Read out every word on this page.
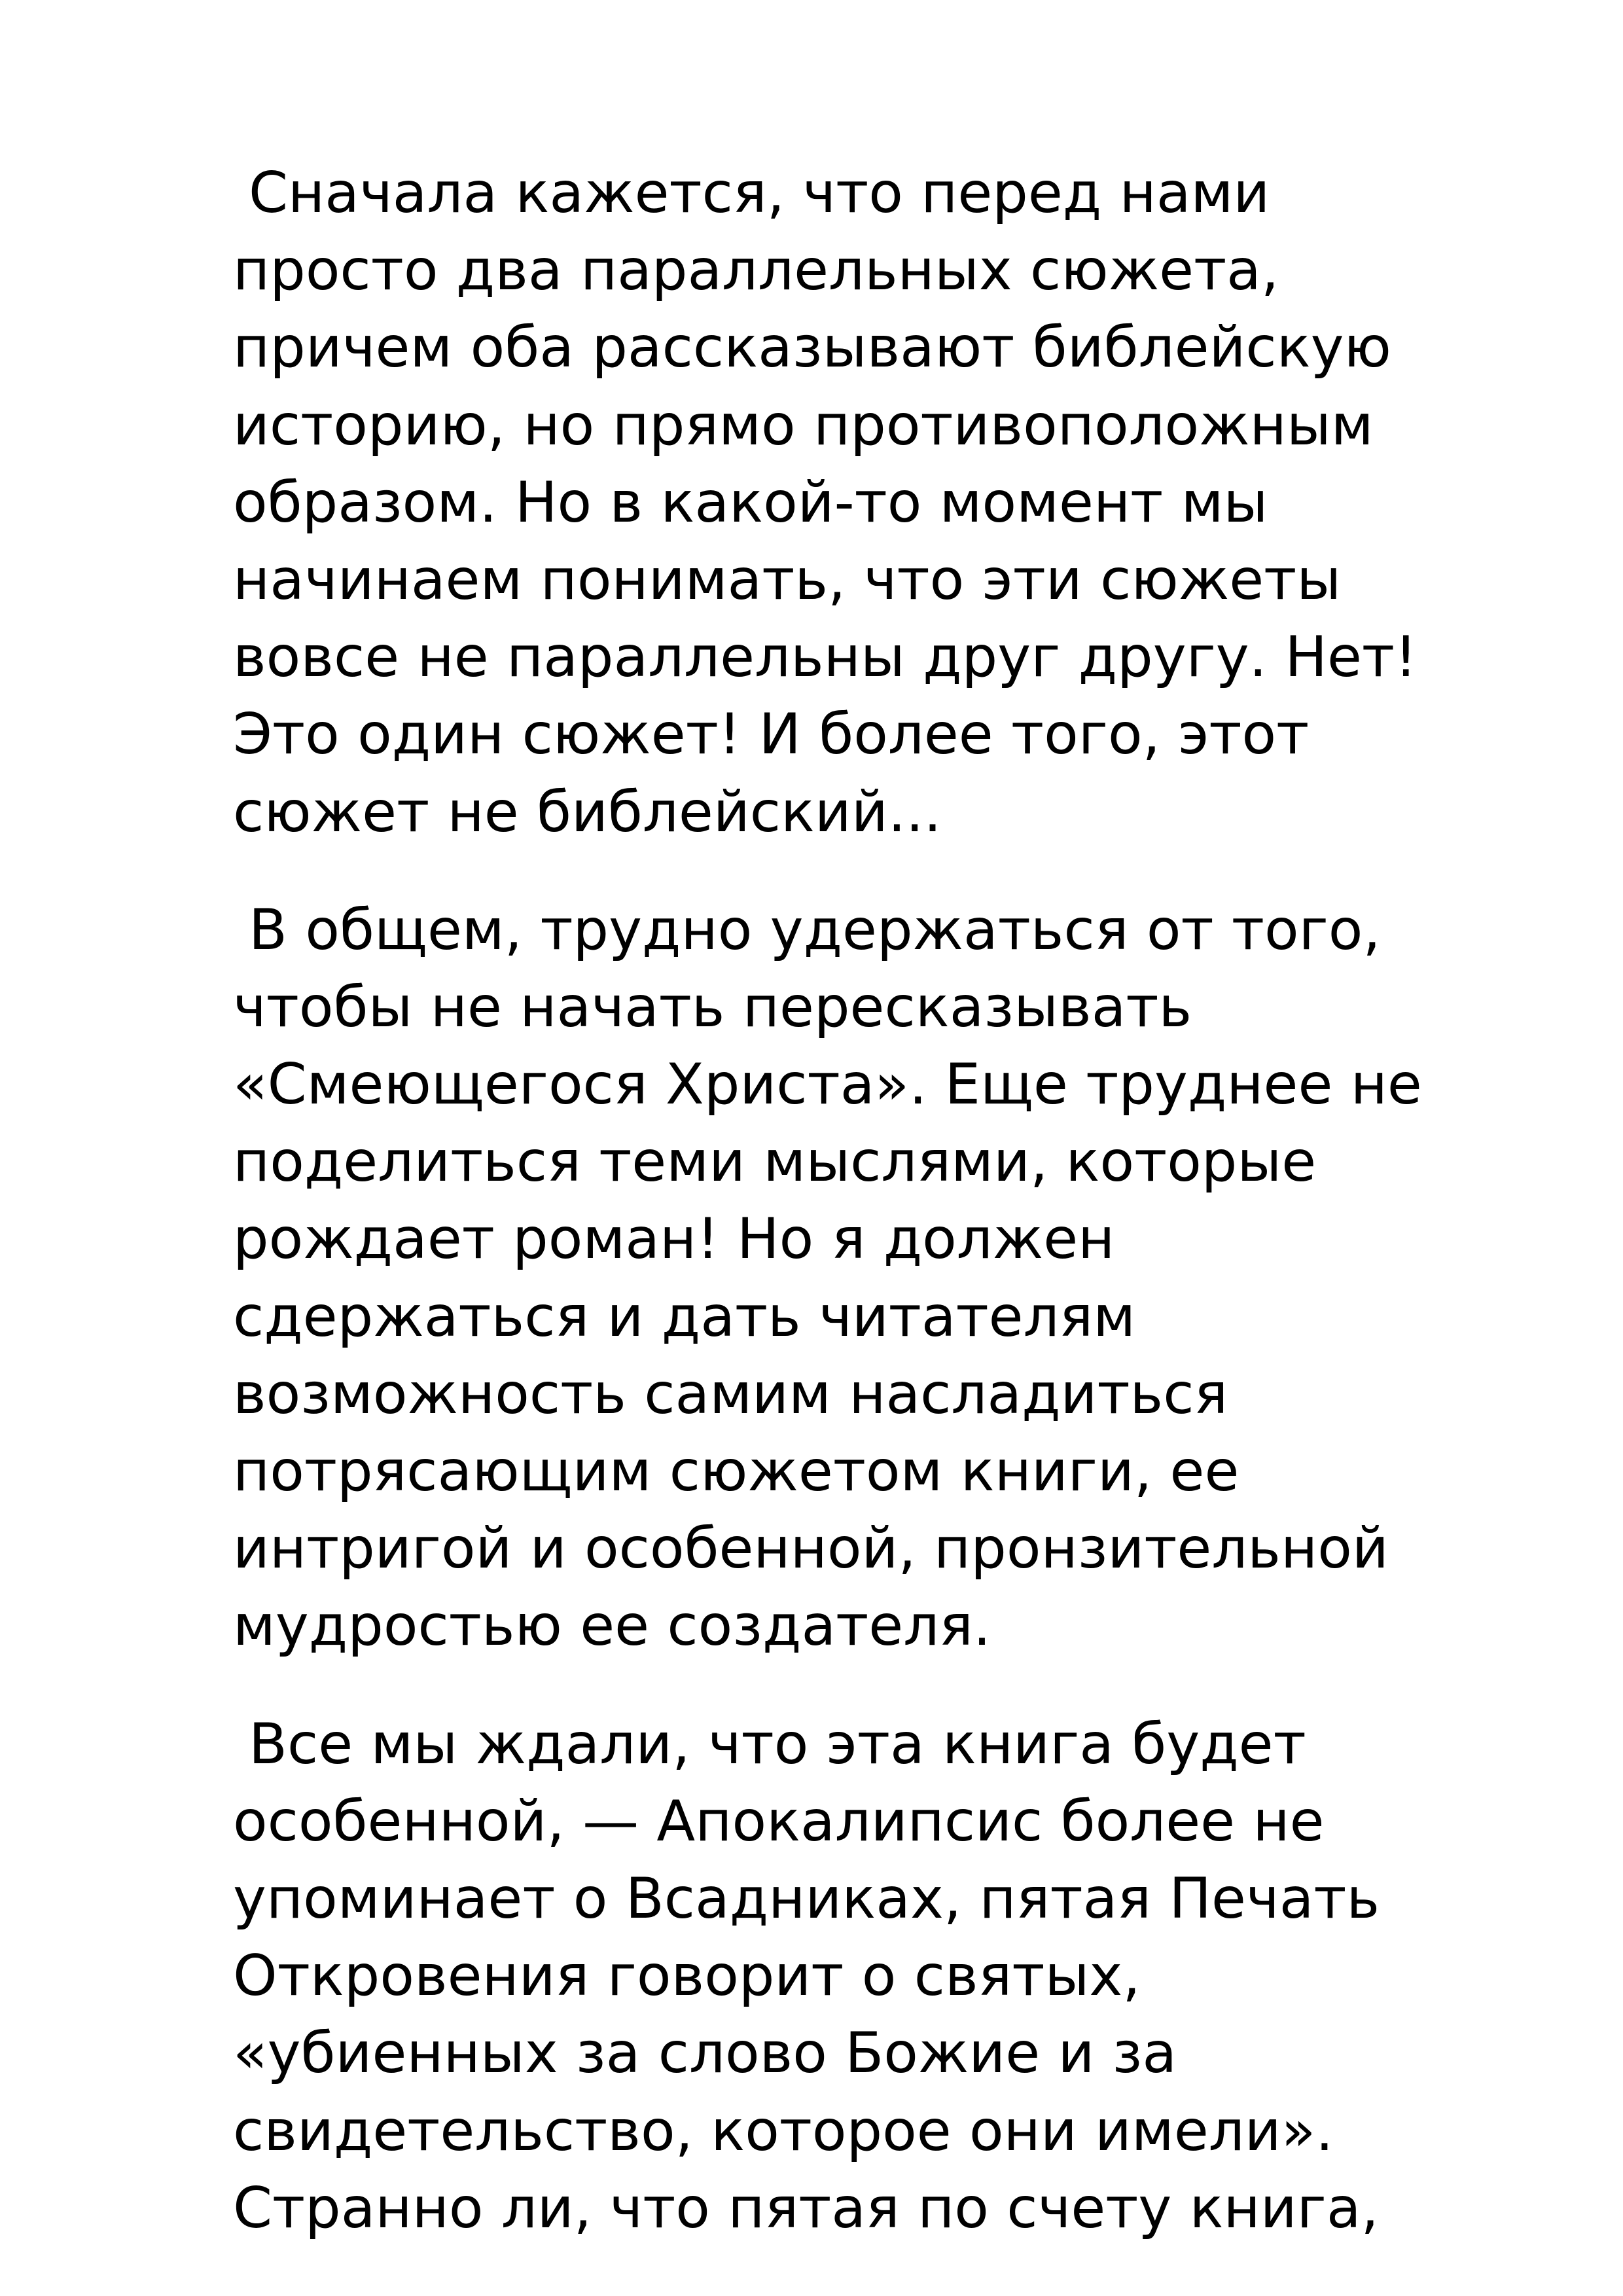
Сначала кажется, что перед нами
просто два параллельных сюжета,
причем оба рассказывают библейскую
историю, но прямо противоположным
образом. Но в какой-то момент мы
начинаем понимать, что эти сюжеты
вовсе не параллельны друг другу. Нет!
Это один сюжет! И более того, этот
сюжет не библейский...
В общем, трудно удержаться от того,
чтобы не начать пересказывать
«Смеющегося Христа». Еще труднее не
поделиться теми мыслями, которые
рождает роман! Но я должен
сдержаться и дать читателям
возможность самим насладиться
потрясающим сюжетом книги, ее
интригой и особенной, пронзительной
мудростью ее создателя.
Все мы ждали, что эта книга будет
особенной, — Апокалипсис более не
упоминает о Всадниках, пятая Печать
Откровения говорит о святых,
«убиенных за слово Божие и за
свидетельство, которое они имели».
Странно ли, что пятая по счету книга,
